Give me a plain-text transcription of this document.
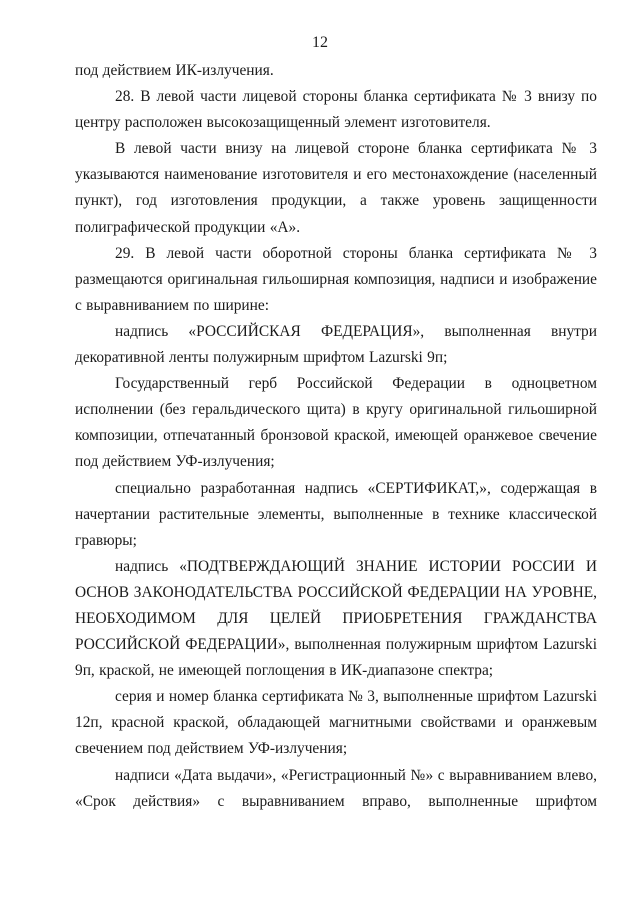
12

под действием ИК-излучения.

28. В левой части лицевой стороны бланка сертификата № 3 внизу по центру расположен высокозащищенный элемент изготовителя.

В левой части внизу на лицевой стороне бланка сертификата № 3 указываются наименование изготовителя и его местонахождение (населенный пункт), год изготовления продукции, а также уровень защищенности полиграфической продукции «А».

29. В левой части оборотной стороны бланка сертификата № 3 размещаются оригинальная гильоширная композиция, надписи и изображение с выравниванием по ширине:

надпись «РОССИЙСКАЯ ФЕДЕРАЦИЯ», выполненная внутри декоративной ленты полужирным шрифтом Lazurski 9п;

Государственный герб Российской Федерации в одноцветном исполнении (без геральдического щита) в кругу оригинальной гильоширной композиции, отпечатанный бронзовой краской, имеющей оранжевое свечение под действием УФ-излучения;

специально разработанная надпись «СЕРТИФИКАТ,», содержащая в начертании растительные элементы, выполненные в технике классической гравюры;

надпись «ПОДТВЕРЖДАЮЩИЙ ЗНАНИЕ ИСТОРИИ РОССИИ И ОСНОВ ЗАКОНОДАТЕЛЬСТВА РОССИЙСКОЙ ФЕДЕРАЦИИ НА УРОВНЕ, НЕОБХОДИМОМ ДЛЯ ЦЕЛЕЙ ПРИОБРЕТЕНИЯ ГРАЖДАНСТВА РОССИЙСКОЙ ФЕДЕРАЦИИ», выполненная полужирным шрифтом Lazurski 9п, краской, не имеющей поглощения в ИК-диапазоне спектра;

серия и номер бланка сертификата № 3, выполненные шрифтом Lazurski 12п, красной краской, обладающей магнитными свойствами и оранжевым свечением под действием УФ-излучения;

надписи «Дата выдачи», «Регистрационный №» с выравниванием влево, «Срок действия» с выравниванием вправо, выполненные шрифтом
